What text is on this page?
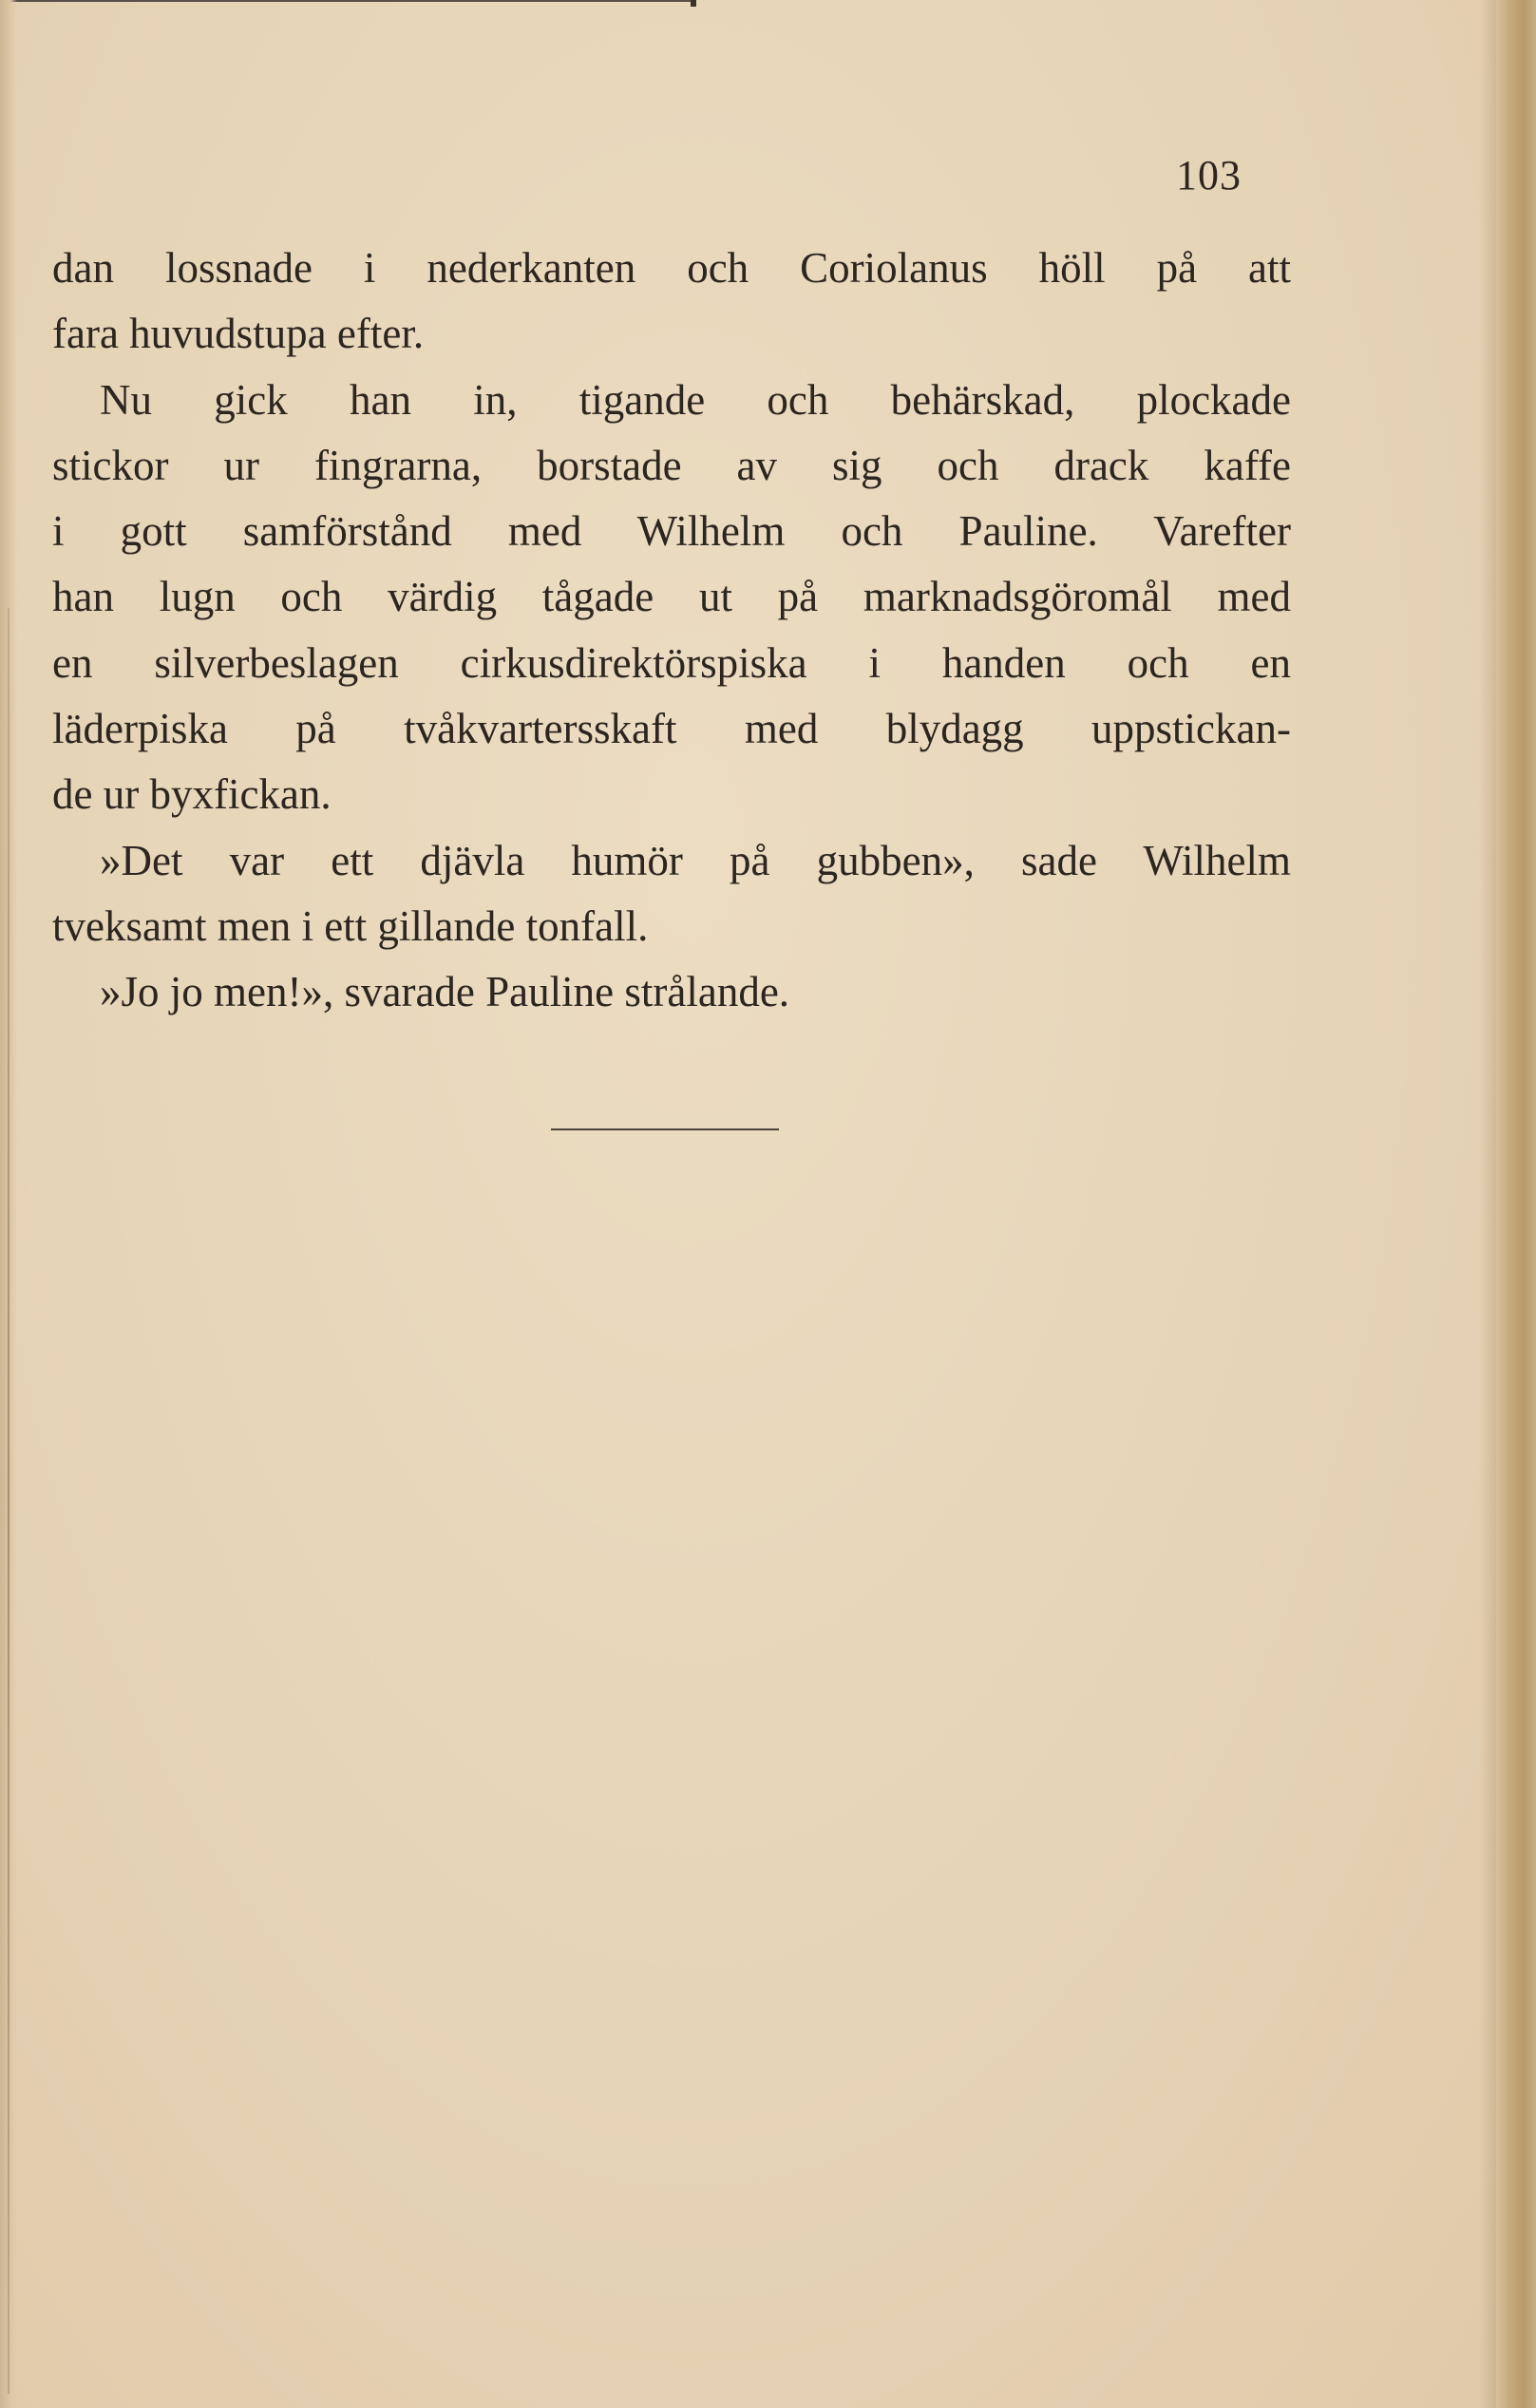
103
dan lossnade i nederkanten och Coriolanus höll på att
fara huvudstupa efter.
Nu gick han in, tigande och behärskad, plockade
stickor ur fingrarna, borstade av sig och drack kaffe
i gott samförstånd med Wilhelm och Pauline. Varefter
han lugn och värdig tågade ut på marknadsgöromål med
en silverbeslagen cirkusdirektörspiska i handen och en
läderpiska på tvåkvartersskaft med blydagg uppstickan-
de ur byxfickan.
»Det var ett djävla humör på gubben», sade Wilhelm
tveksamt men i ett gillande tonfall.
»Jo jo men!», svarade Pauline strålande.
